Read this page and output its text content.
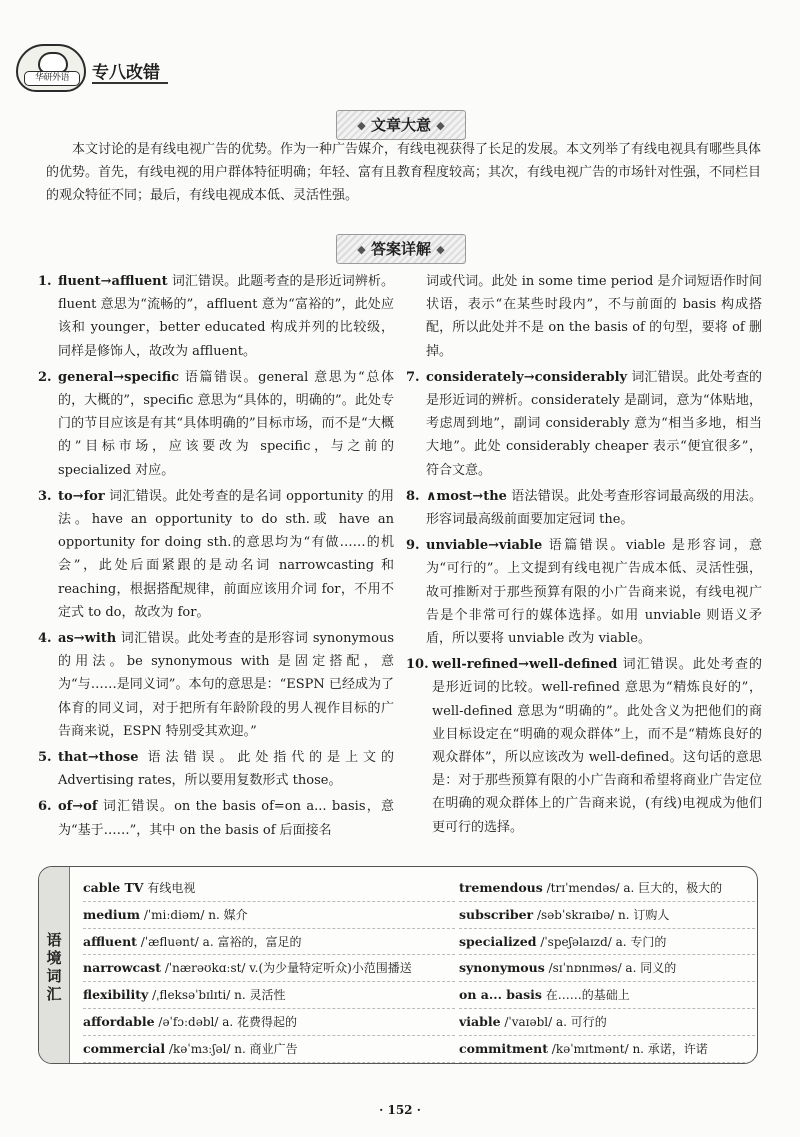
华研外语	专八改错
◆ 文章大意 ◆

本文讨论的是有线电视广告的优势。作为一种广告媒介，有线电视获得了长足的发展。本文列举了有线电视具有哪些具体的优势。首先，有线电视的用户群体特征明确；年轻、富有且教育程度较高；其次，有线电视广告的市场针对性强，不同栏目的观众特征不同；最后，有线电视成本低、灵活性强。

◆ 答案详解 ◆
1. fluent→affluent 词汇错误。此题考查的是形近词辨析。fluent 意思为“流畅的”，affluent 意为“富裕的”，此处应该和 younger，better educated 构成并列的比较级，同样是修饰人，故改为 affluent。
2. general→specific 语篇错误。general 意思为“总体的，大概的”，specific 意思为“具体的，明确的”。此处专门的节目应该是有其“具体明确的”目标市场，而不是“大概的”目标市场，应该要改为 specific，与之前的 specialized 对应。
3. to→for 词汇错误。此处考查的是名词 opportunity 的用法。have an opportunity to do sth.或 have an opportunity for doing sth.的意思均为“有做……的机会”，此处后面紧跟的是动名词 narrowcasting 和 reaching，根据搭配规律，前面应该用介词 for，不用不定式 to do，故改为 for。
4. as→with 词汇错误。此处考查的是形容词 synonymous 的用法。be synonymous with 是固定搭配，意为“与……是同义词”。本句的意思是：“ESPN 已经成为了体育的同义词，对于把所有年龄阶段的男人视作目标的广告商来说，ESPN 特别受其欢迎。”
5. that→those 语法错误。此处指代的是上文的 Advertising rates，所以要用复数形式 those。
6. of→of 词汇错误。on the basis of=on a... basis，意为“基于……”，其中 on the basis of 后面接名
词或代词。此处 in some time period 是介词短语作时间状语，表示“在某些时段内”，不与前面的 basis 构成搭配，所以此处并不是 on the basis of 的句型，要将 of 删掉。
7. considerately→considerably 词汇错误。此处考查的是形近词的辨析。considerately 是副词，意为“体贴地，考虑周到地”，副词 considerably 意为“相当多地，相当大地”。此处 considerably cheaper 表示“便宜很多”，符合文意。
8. ∧most→the 语法错误。此处考查形容词最高级的用法。形容词最高级前面要加定冠词 the。
9. unviable→viable 语篇错误。viable 是形容词，意为“可行的”。上文提到有线电视广告成本低、灵活性强，故可推断对于那些预算有限的小广告商来说，有线电视广告是个非常可行的媒体选择。如用 unviable 则语义矛盾，所以要将 unviable 改为 viable。
10. well-refined→well-defined 词汇错误。此处考查的是形近词的比较。well-refined 意思为“精炼良好的”，well-defined 意思为“明确的”。此处含义为把他们的商业目标设定在“明确的观众群体”上，而不是“精炼良好的观众群体”，所以应该改为 well-defined。这句话的意思是：对于那些预算有限的小广告商和希望将商业广告定位在明确的观众群体上的广告商来说，(有线)电视成为他们更可行的选择。
语境词汇
cable TV 有线电视
medium /ˈmiːdiəm/ n. 媒介
affluent /ˈæfluənt/ a. 富裕的，富足的
narrowcast /ˈnærəʊkɑːst/ v.(为少量特定听众)小范围播送
flexibility /ˌfleksəˈbɪlɪti/ n. 灵活性
affordable /əˈfɔːdəbl/ a. 花费得起的
commercial /kəˈmɜːʃəl/ n. 商业广告
tremendous /trɪˈmendəs/ a. 巨大的，极大的
subscriber /səbˈskraɪbə/ n. 订购人
specialized /ˈspeʃəlaɪzd/ a. 专门的
synonymous /sɪˈnɒnɪməs/ a. 同义的
on a... basis 在……的基础上
viable /ˈvaɪəbl/ a. 可行的
commitment /kəˈmɪtmənt/ n. 承诺，许诺
· 152 ·
